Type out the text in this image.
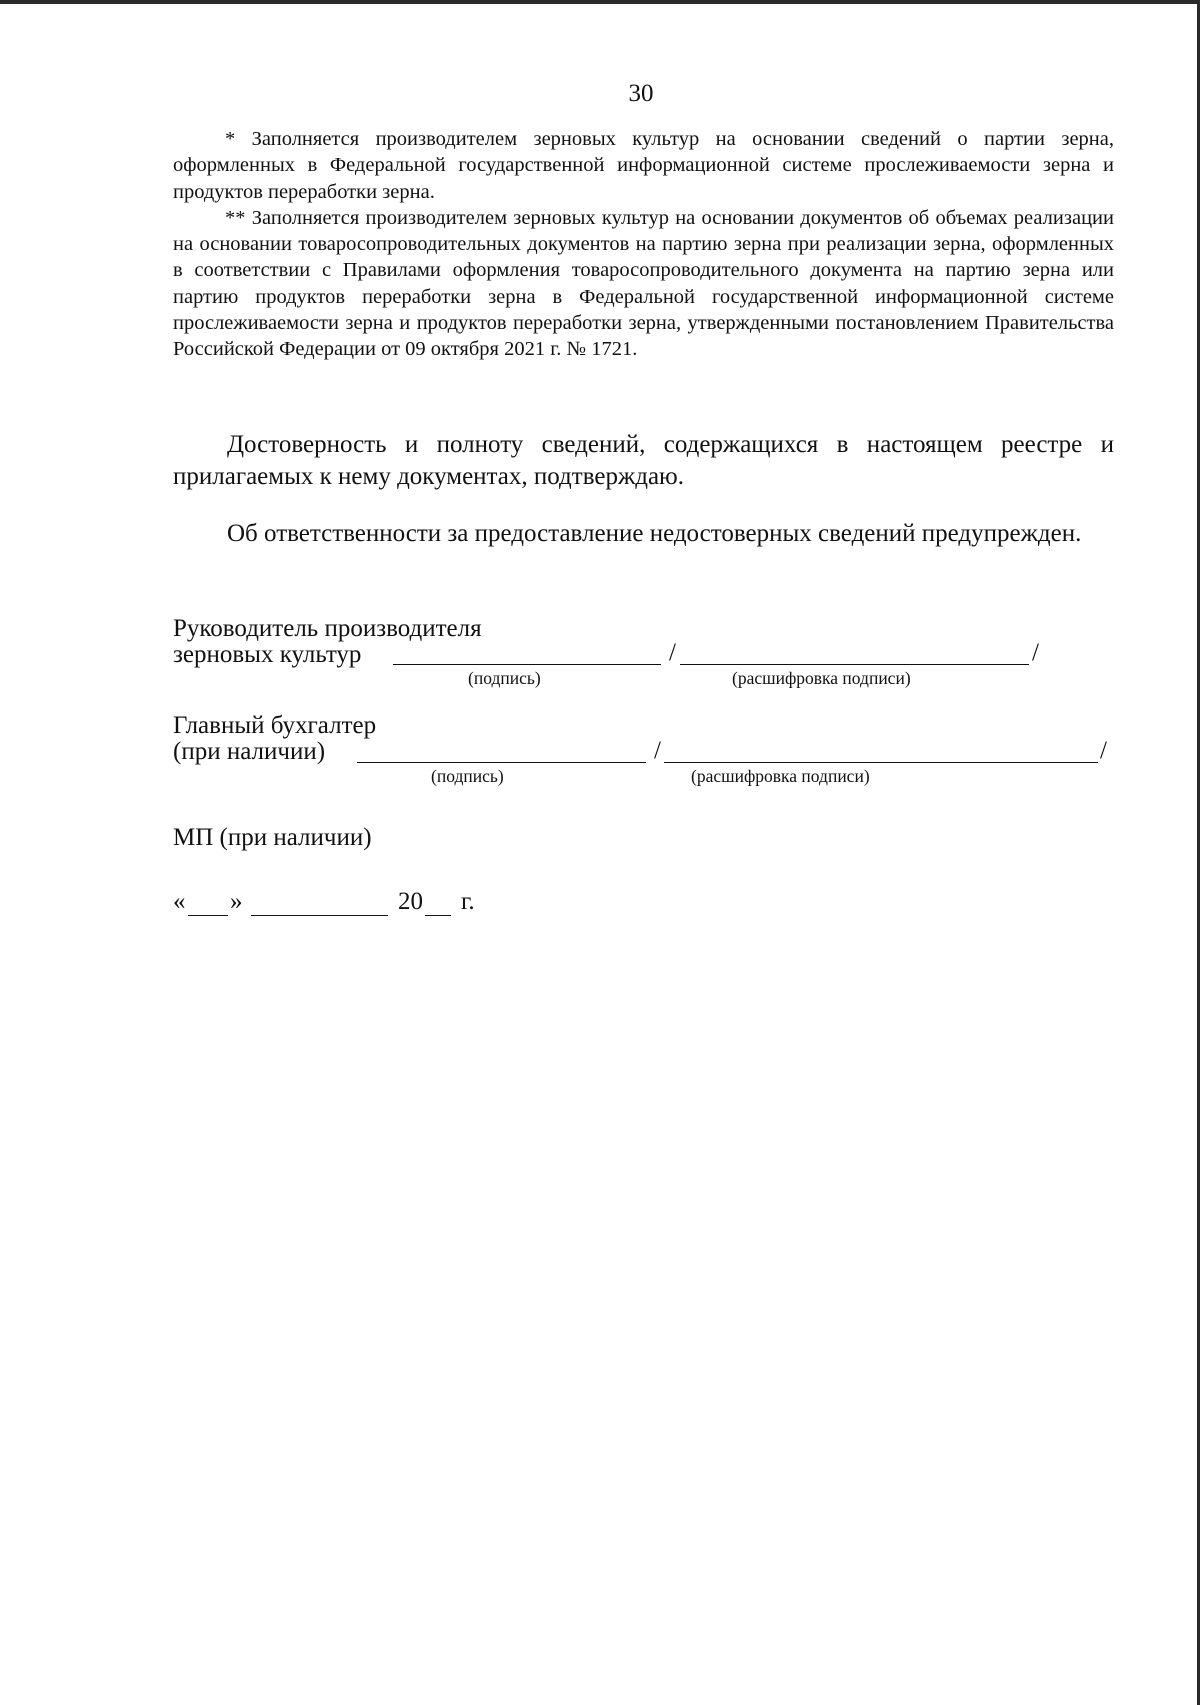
30

* Заполняется производителем зерновых культур на основании сведений о партии зерна, оформленных в Федеральной государственной информационной системе прослеживаемости зерна и продуктов переработки зерна.

** Заполняется производителем зерновых культур на основании документов об объемах реализации на основании товаросопроводительных документов на партию зерна при реализации зерна, оформленных в соответствии с Правилами оформления товаросопроводительного документа на партию зерна или партию продуктов переработки зерна в Федеральной государственной информационной системе прослеживаемости зерна и продуктов переработки зерна, утвержденными постановлением Правительства Российской Федерации от 09 октября 2021 г. № 1721.

Достоверность и полноту сведений, содержащихся в настоящем реестре и прилагаемых к нему документах, подтверждаю.

Об ответственности за предоставление недостоверных сведений предупрежден.

Руководитель производителя
зерновых культур	/	/
(подпись)	(расшифровка подписи)
Главный бухгалтер
(при наличии)	/	/
(подпись)	(расшифровка подписи)
МП (при наличии)
« »	20 г.
